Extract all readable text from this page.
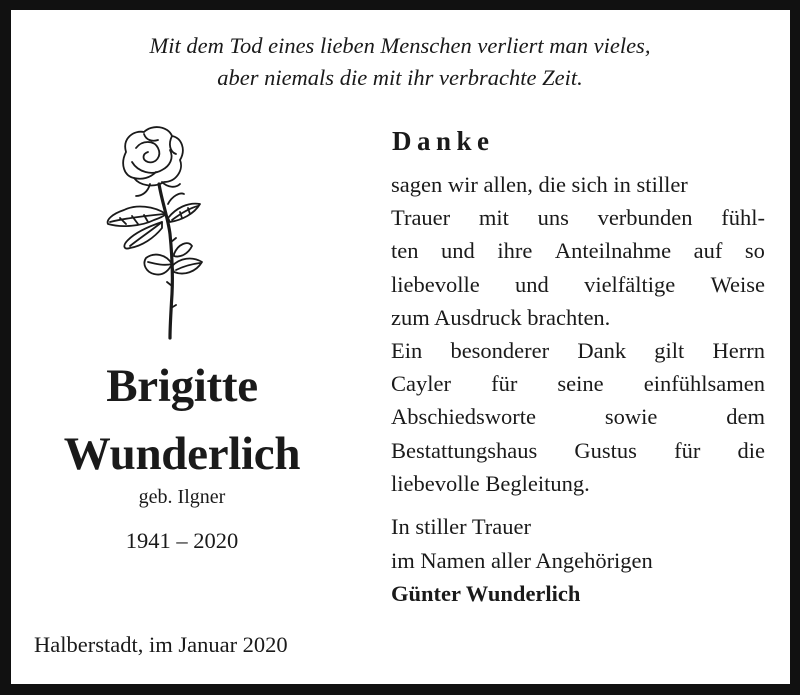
Mit dem Tod eines lieben Menschen verliert man vieles,
aber niemals die mit ihr verbrachte Zeit.
Brigitte
Wunderlich
geb. Ilgner
1941 – 2020
Halberstadt, im Januar 2020
Danke
sagen wir allen, die sich in stiller
Trauer mit uns verbunden fühl-
ten und ihre Anteilnahme auf so
liebevolle und vielfältige Weise
zum Ausdruck brachten.
Ein besonderer Dank gilt Herrn
Cayler für seine einfühlsamen
Abschiedsworte	sowie	dem
Bestattungshaus Gustus für die
liebevolle Begleitung.
In stiller Trauer
im Namen aller Angehörigen
Günter Wunderlich
